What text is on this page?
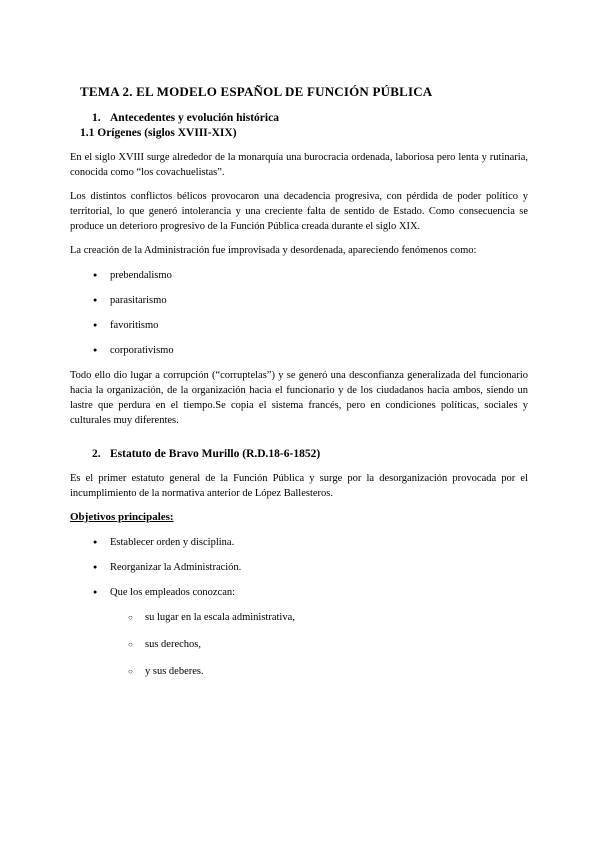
TEMA 2. EL MODELO ESPAÑOL DE FUNCIÓN PÚBLICA
1. Antecedentes y evolución histórica
1.1 Orígenes (siglos XVIII-XIX)

En el siglo XVIII surge alrededor de la monarquía una burocracia ordenada, laboriosa pero lenta y rutinaria, conocida como “los covachuelistas”.

Los distintos conflictos bélicos provocaron una decadencia progresiva, con pérdida de poder político y territorial, lo que generó intolerancia y una creciente falta de sentido de Estado. Como consecuencia se produce un deterioro progresivo de la Función Pública creada durante el siglo XIX.

La creación de la Administración fue improvisada y desordenada, apareciendo fenómenos como:

● prebendalismo
● parasitarismo
● favoritismo
● corporativismo

Todo ello dio lugar a corrupción (“corruptelas”) y se generó una desconfianza generalizada del funcionario hacia la organización, de la organización hacia el funcionario y de los ciudadanos hacia ambos, siendo un lastre que perdura en el tiempo.Se copia el sistema francés, pero en condiciones políticas, sociales y culturales muy diferentes.

2. Estatuto de Bravo Murillo (R.D.18-6-1852)

Es el primer estatuto general de la Función Pública y surge por la desorganización provocada por el incumplimiento de la normativa anterior de López Ballesteros.

Objetivos principales:
● Establecer orden y disciplina.
● Reorganizar la Administración.
● Que los empleados conozcan:
○ su lugar en la escala administrativa,
○ sus derechos,
○ y sus deberes.
